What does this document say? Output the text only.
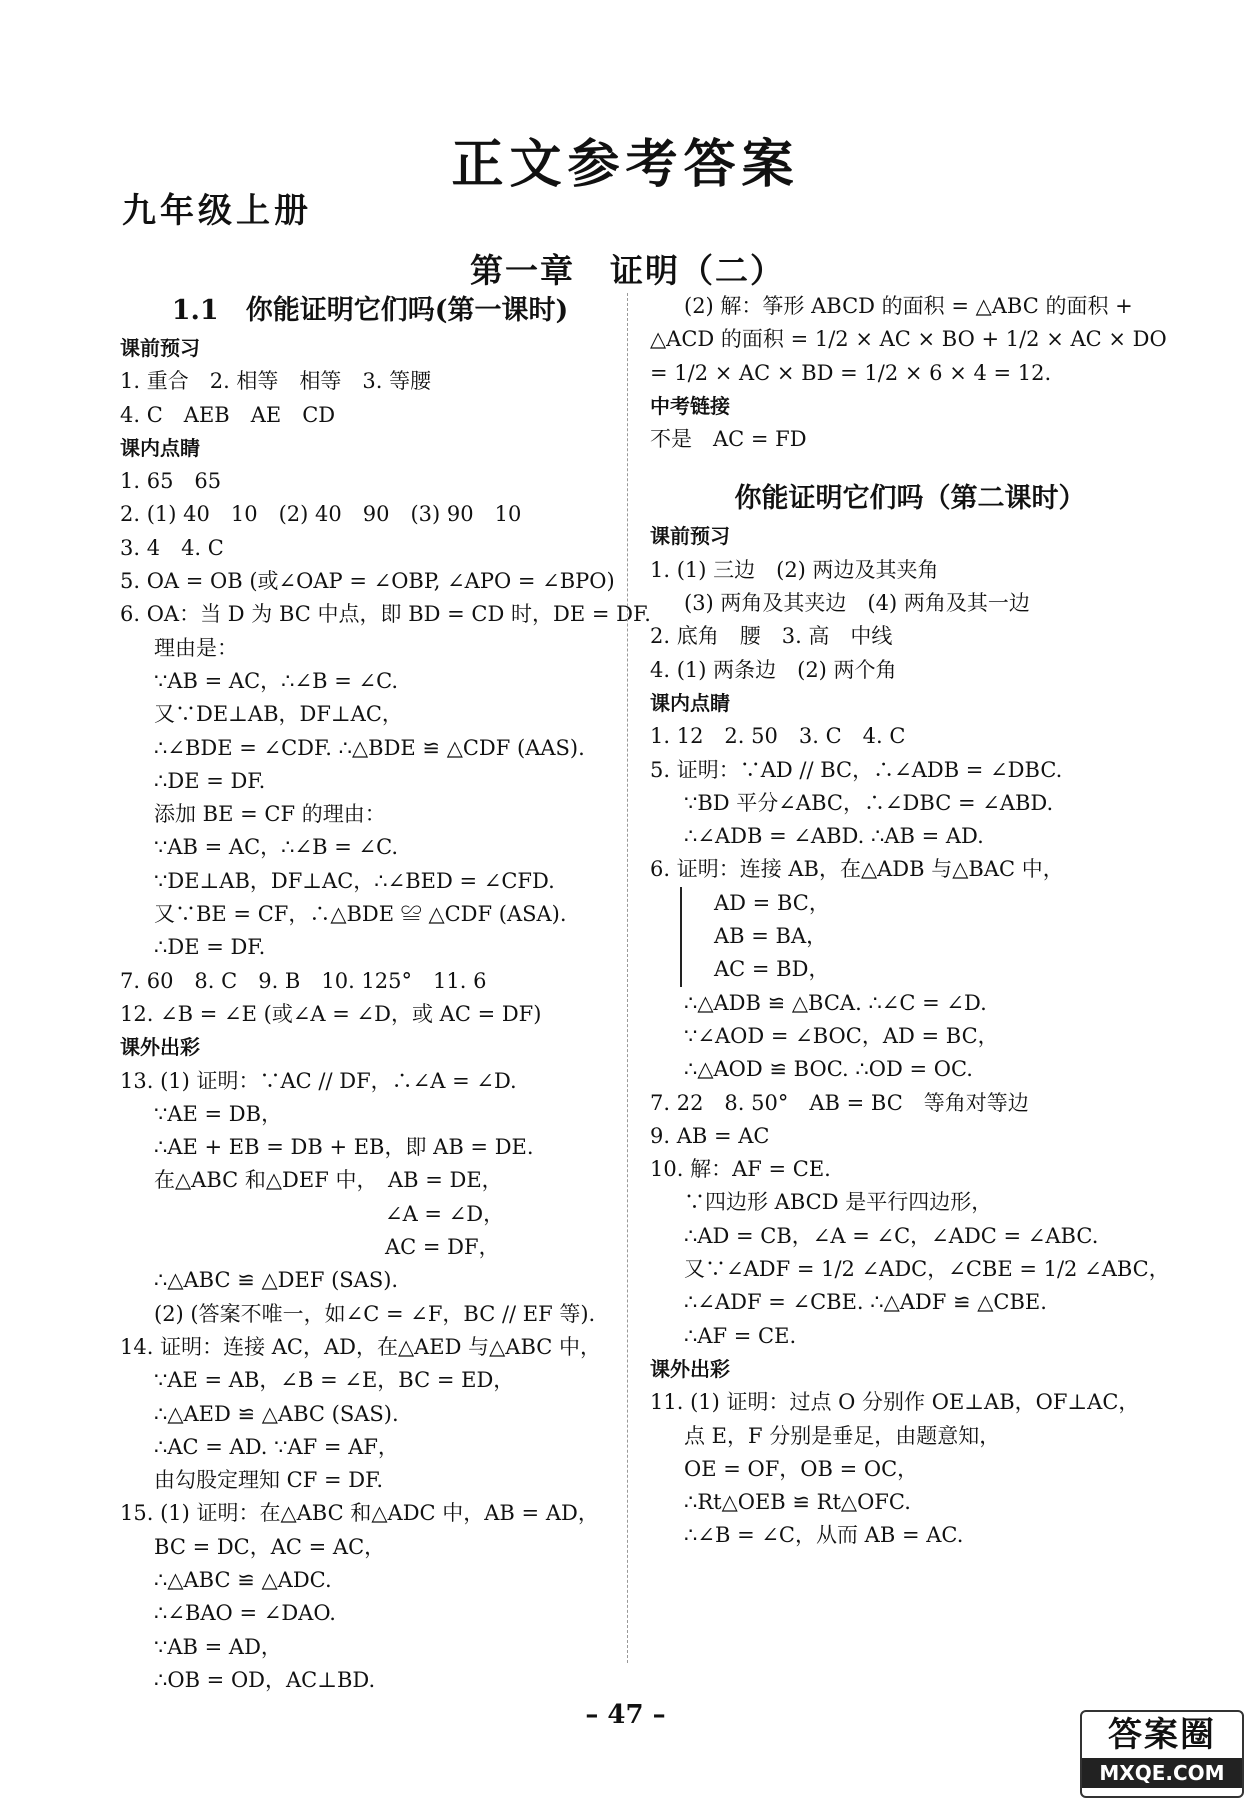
正文参考答案
九年级上册
第一章　证明（二）
1.1　你能证明它们吗(第一课时)
课前预习
1. 重合　2. 相等　相等　3. 等腰
4. C　AEB　AE　CD
课内点睛
1. 65　65
2. (1) 40　10　(2) 40　90　(3) 90　10
3. 4　4. C
5. OA = OB (或∠OAP = ∠OBP, ∠APO = ∠BPO)
6. OA：当 D 为 BC 中点，即 BD = CD 时，DE = DF.
理由是：
∵AB = AC，∴∠B = ∠C.
又∵DE⊥AB，DF⊥AC，
∴∠BDE = ∠CDF. ∴△BDE ≌ △CDF (AAS).
∴DE = DF.
添加 BE = CF 的理由：
∵AB = AC，∴∠B = ∠C.
∵DE⊥AB，DF⊥AC，∴∠BED = ∠CFD.
又∵BE = CF，∴△BDE ≌ △CDF (ASA).
∴DE = DF.
7. 60　8. C　9. B　10. 125°　11. 6
12. ∠B = ∠E (或∠A = ∠D，或 AC = DF)
课外出彩
13. (1) 证明：∵AC // DF，∴∠A = ∠D.
∵AE = DB，
∴AE + EB = DB + EB，即 AB = DE.
在△ABC 和△DEF 中，　AB = DE，
　　　　　　　　　　　∠A = ∠D，
　　　　　　　　　　　AC = DF，
∴△ABC ≌ △DEF (SAS).
(2) (答案不唯一，如∠C = ∠F，BC // EF 等).
14. 证明：连接 AC，AD，在△AED 与△ABC 中，
∵AE = AB，∠B = ∠E，BC = ED，
∴△AED ≌ △ABC (SAS).
∴AC = AD. ∵AF = AF，
由勾股定理知 CF = DF.
15. (1) 证明：在△ABC 和△ADC 中，AB = AD，
BC = DC，AC = AC，
∴△ABC ≌ △ADC.
∴∠BAO = ∠DAO.
∵AB = AD，
∴OB = OD，AC⊥BD.
(2) 解：筝形 ABCD 的面积 = △ABC 的面积 +
△ACD 的面积 = 1/2 × AC × BO + 1/2 × AC × DO
= 1/2 × AC × BD = 1/2 × 6 × 4 = 12.
中考链接
不是　AC = FD
你能证明它们吗（第二课时）
课前预习
1. (1) 三边　(2) 两边及其夹角
(3) 两角及其夹边　(4) 两角及其一边
2. 底角　腰　3. 高　中线
4. (1) 两条边　(2) 两个角
课内点睛
1. 12　2. 50　3. C　4. C
5. 证明：∵AD // BC，∴∠ADB = ∠DBC.
∵BD 平分∠ABC，∴∠DBC = ∠ABD.
∴∠ADB = ∠ABD. ∴AB = AD.
6. 证明：连接 AB，在△ADB 与△BAC 中，
AD = BC，
AB = BA，
AC = BD，
∴△ADB ≌ △BCA. ∴∠C = ∠D.
∵∠AOD = ∠BOC，AD = BC，
∴△AOD ≌ BOC. ∴OD = OC.
7. 22　8. 50°　AB = BC　等角对等边
9. AB = AC
10. 解：AF = CE.
∵四边形 ABCD 是平行四边形，
∴AD = CB，∠A = ∠C，∠ADC = ∠ABC.
又∵∠ADF = 1/2 ∠ADC，∠CBE = 1/2 ∠ABC，
∴∠ADF = ∠CBE. ∴△ADF ≌ △CBE.
∴AF = CE.
课外出彩
11. (1) 证明：过点 O 分别作 OE⊥AB，OF⊥AC，
点 E，F 分别是垂足，由题意知，
OE = OF，OB = OC，
∴Rt△OEB ≌ Rt△OFC.
∴∠B = ∠C，从而 AB = AC.
– 47 –	答案圈
MXQE.COM
